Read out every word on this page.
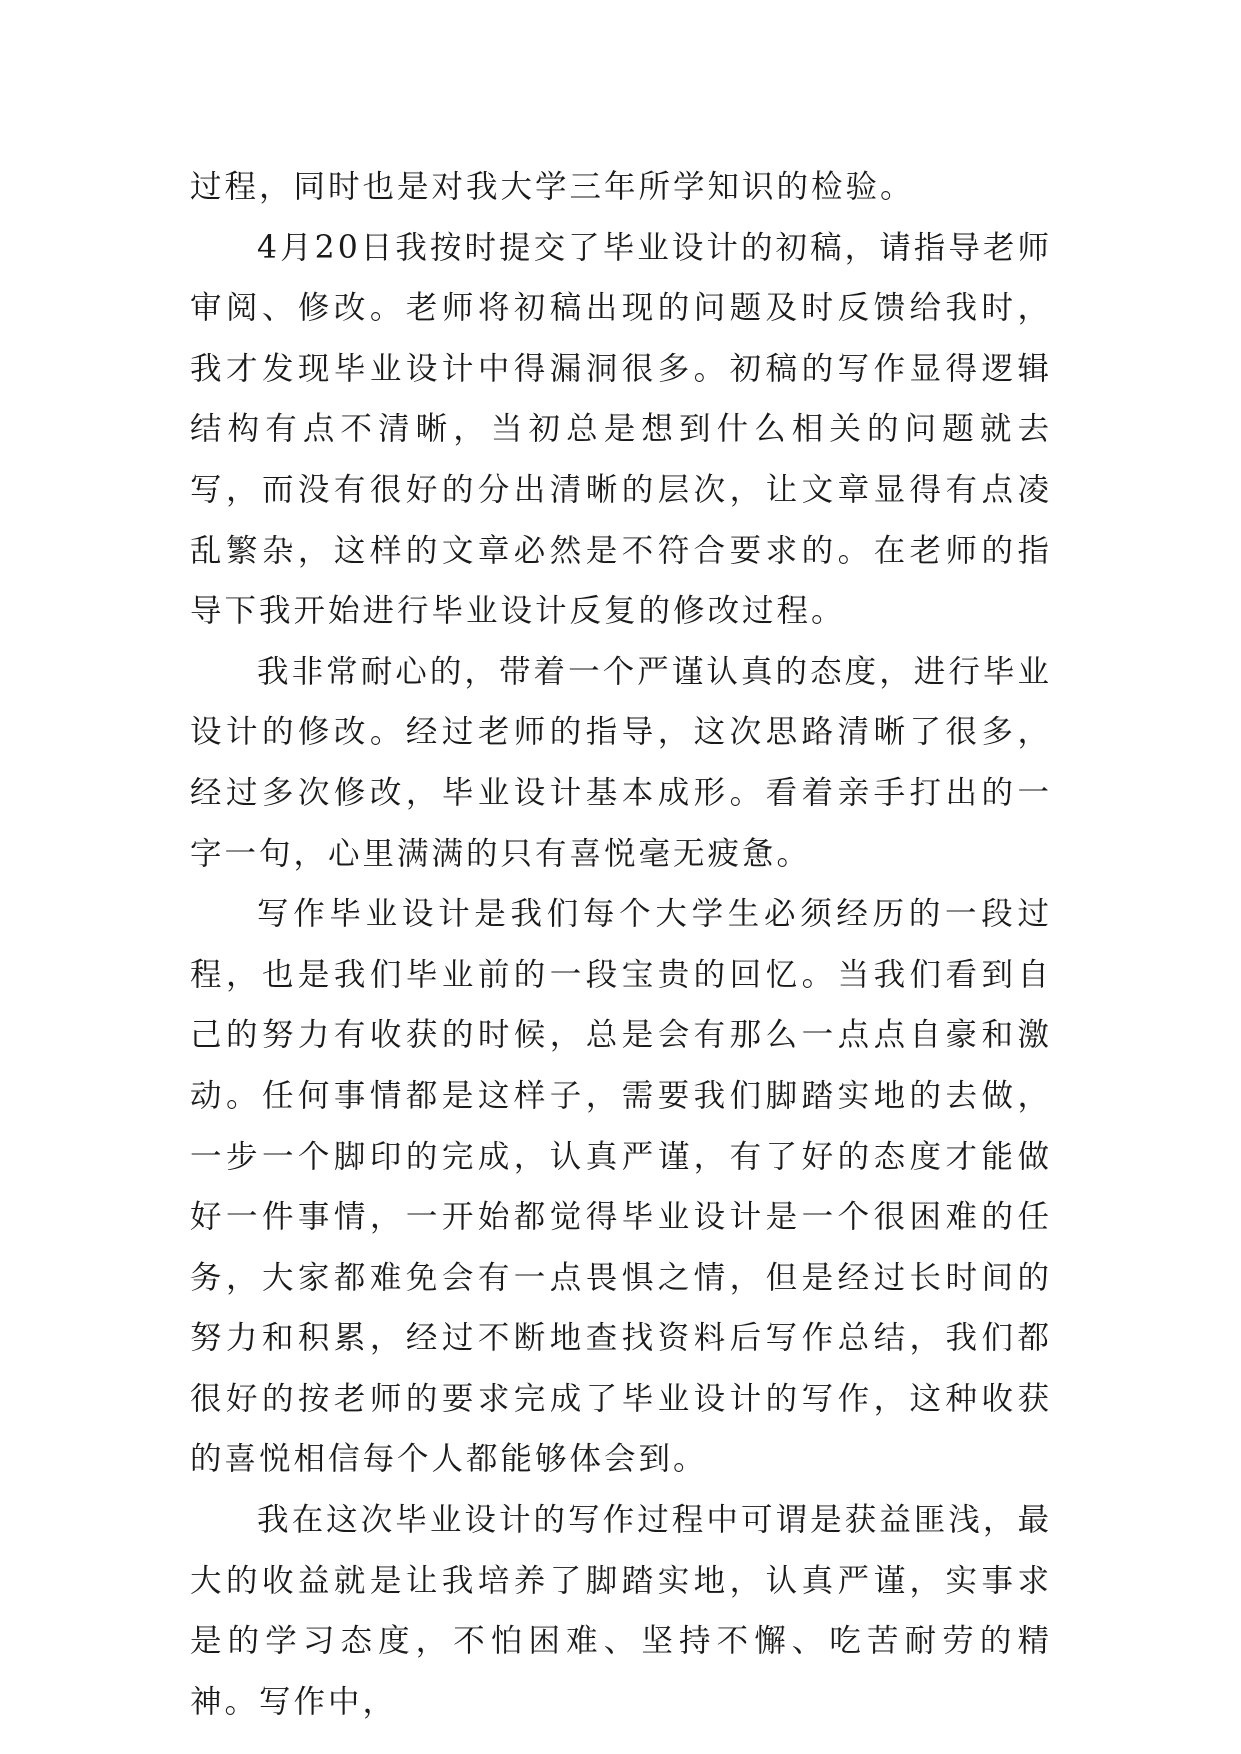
过程，同时也是对我大学三年所学知识的检验。

4月20日我按时提交了毕业设计的初稿，请指导老师审阅、修改。老师将初稿出现的问题及时反馈给我时，我才发现毕业设计中得漏洞很多。初稿的写作显得逻辑结构有点不清晰，当初总是想到什么相关的问题就去写，而没有很好的分出清晰的层次，让文章显得有点凌乱繁杂，这样的文章必然是不符合要求的。在老师的指导下我开始进行毕业设计反复的修改过程。

我非常耐心的，带着一个严谨认真的态度，进行毕业设计的修改。经过老师的指导，这次思路清晰了很多，经过多次修改，毕业设计基本成形。看着亲手打出的一字一句，心里满满的只有喜悦毫无疲惫。

写作毕业设计是我们每个大学生必须经历的一段过程，也是我们毕业前的一段宝贵的回忆。当我们看到自己的努力有收获的时候，总是会有那么一点点自豪和激动。任何事情都是这样子，需要我们脚踏实地的去做，一步一个脚印的完成，认真严谨，有了好的态度才能做好一件事情，一开始都觉得毕业设计是一个很困难的任务，大家都难免会有一点畏惧之情，但是经过长时间的努力和积累，经过不断地查找资料后写作总结，我们都很好的按老师的要求完成了毕业设计的写作，这种收获的喜悦相信每个人都能够体会到。

我在这次毕业设计的写作过程中可谓是获益匪浅，最大的收益就是让我培养了脚踏实地，认真严谨，实事求是的学习态度，不怕困难、坚持不懈、吃苦耐劳的精神。写作中，
